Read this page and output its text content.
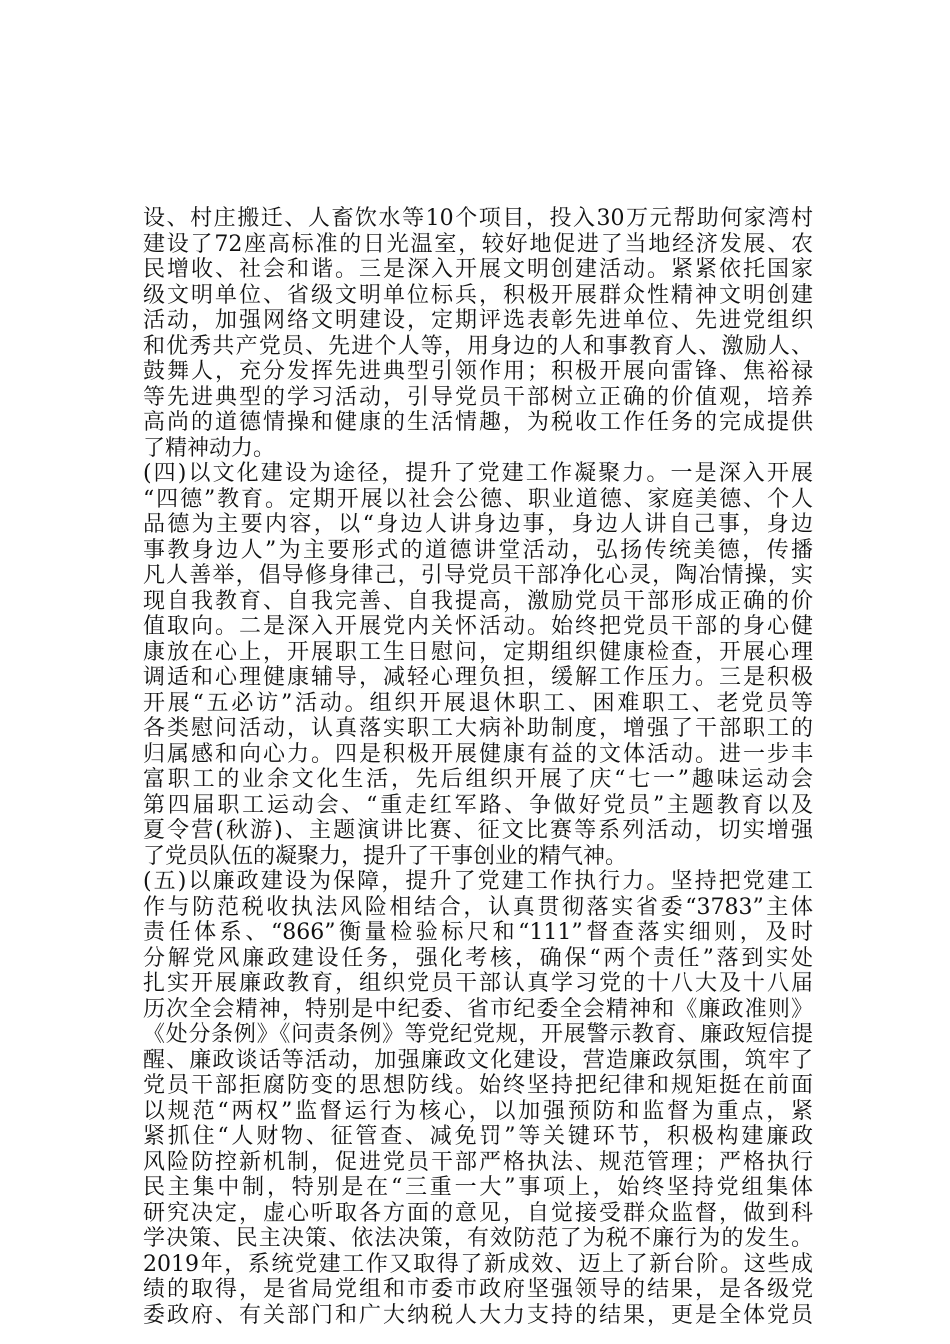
设、村庄搬迁、人畜饮水等10个项目，投入30万元帮助何家湾村
建设了72座高标准的日光温室，较好地促进了当地经济发展、农
民增收、社会和谐。三是深入开展文明创建活动。紧紧依托国家
级文明单位、省级文明单位标兵，积极开展群众性精神文明创建
活动，加强网络文明建设，定期评选表彰先进单位、先进党组织
和优秀共产党员、先进个人等，用身边的人和事教育人、激励人、
鼓舞人，充分发挥先进典型引领作用；积极开展向雷锋、焦裕禄
等先进典型的学习活动，引导党员干部树立正确的价值观，培养
高尚的道德情操和健康的生活情趣，为税收工作任务的完成提供
了精神动力。
(四)以文化建设为途径，提升了党建工作凝聚力。一是深入开展
“四德”教育。定期开展以社会公德、职业道德、家庭美德、个人
品德为主要内容，以“身边人讲身边事，身边人讲自己事，身边
事教身边人”为主要形式的道德讲堂活动，弘扬传统美德，传播
凡人善举，倡导修身律己，引导党员干部净化心灵，陶冶情操，实
现自我教育、自我完善、自我提高，激励党员干部形成正确的价
值取向。二是深入开展党内关怀活动。始终把党员干部的身心健
康放在心上，开展职工生日慰问，定期组织健康检查，开展心理
调适和心理健康辅导，减轻心理负担，缓解工作压力。三是积极
开展“五必访”活动。组织开展退休职工、困难职工、老党员等
各类慰问活动，认真落实职工大病补助制度，增强了干部职工的
归属感和向心力。四是积极开展健康有益的文体活动。进一步丰
富职工的业余文化生活，先后组织开展了庆“七一”趣味运动会
第四届职工运动会、“重走红军路、争做好党员”主题教育以及
夏令营(秋游)、主题演讲比赛、征文比赛等系列活动，切实增强
了党员队伍的凝聚力，提升了干事创业的精气神。
(五)以廉政建设为保障，提升了党建工作执行力。坚持把党建工
作与防范税收执法风险相结合，认真贯彻落实省委“3783”主体
责任体系、“866”衡量检验标尺和“111”督查落实细则，及时
分解党风廉政建设任务，强化考核，确保“两个责任”落到实处
扎实开展廉政教育，组织党员干部认真学习党的十八大及十八届
历次全会精神，特别是中纪委、省市纪委全会精神和《廉政准则》
《处分条例》《问责条例》等党纪党规，开展警示教育、廉政短信提
醒、廉政谈话等活动，加强廉政文化建设，营造廉政氛围，筑牢了
党员干部拒腐防变的思想防线。始终坚持把纪律和规矩挺在前面
以规范“两权”监督运行为核心，以加强预防和监督为重点，紧
紧抓住“人财物、征管查、减免罚”等关键环节，积极构建廉政
风险防控新机制，促进党员干部严格执法、规范管理；严格执行
民主集中制，特别是在“三重一大”事项上，始终坚持党组集体
研究决定，虚心听取各方面的意见，自觉接受群众监督，做到科
学决策、民主决策、依法决策，有效防范了为税不廉行为的发生。
2019年，系统党建工作又取得了新成效、迈上了新台阶。这些成
绩的取得，是省局党组和市委市政府坚强领导的结果，是各级党
委政府、有关部门和广大纳税人大力支持的结果，更是全体党员
